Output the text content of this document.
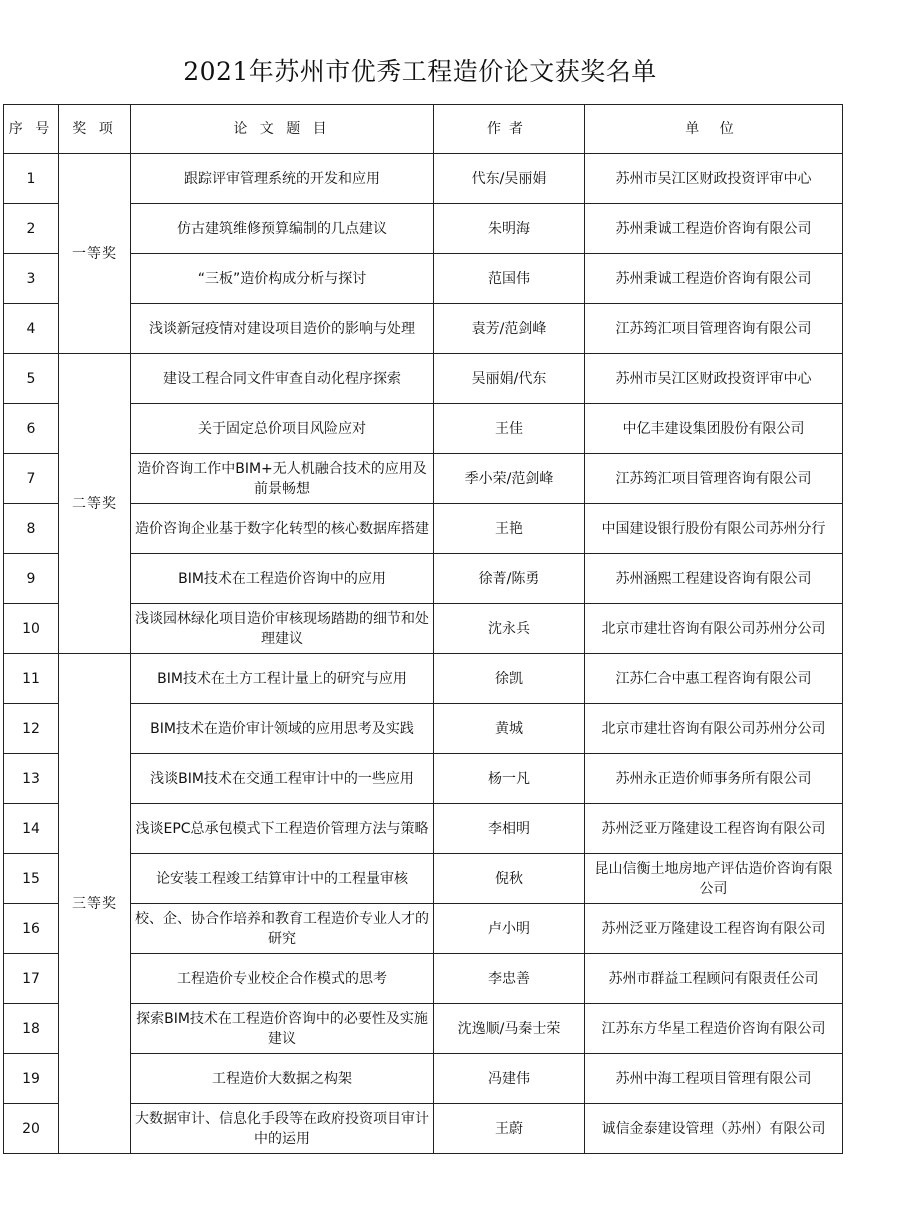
2021年苏州市优秀工程造价论文获奖名单
序 号	奖 项	论 文 题 目	作者	单 位
1	一等奖	跟踪评审管理系统的开发和应用	代东/吴丽娟	苏州市吴江区财政投资评审中心
2		仿古建筑维修预算编制的几点建议	朱明海	苏州秉诚工程造价咨询有限公司
3		“三板”造价构成分析与探讨	范国伟	苏州秉诚工程造价咨询有限公司
4		浅谈新冠疫情对建设项目造价的影响与处理	袁芳/范剑峰	江苏筠汇项目管理咨询有限公司
5	二等奖	建设工程合同文件审查自动化程序探索	吴丽娟/代东	苏州市吴江区财政投资评审中心
6		关于固定总价项目风险应对	王佳	中亿丰建设集团股份有限公司
7		造价咨询工作中BIM+无人机融合技术的应用及前景畅想	季小荣/范剑峰	江苏筠汇项目管理咨询有限公司
8		造价咨询企业基于数字化转型的核心数据库搭建	王艳	中国建设银行股份有限公司苏州分行
9		BIM技术在工程造价咨询中的应用	徐菁/陈勇	苏州涵熙工程建设咨询有限公司
10		浅谈园林绿化项目造价审核现场踏勘的细节和处理建议	沈永兵	北京市建壮咨询有限公司苏州分公司
11	三等奖	BIM技术在土方工程计量上的研究与应用	徐凯	江苏仁合中惠工程咨询有限公司
12		BIM技术在造价审计领域的应用思考及实践	黄城	北京市建壮咨询有限公司苏州分公司
13		浅谈BIM技术在交通工程审计中的一些应用	杨一凡	苏州永正造价师事务所有限公司
14		浅谈EPC总承包模式下工程造价管理方法与策略	李相明	苏州泛亚万隆建设工程咨询有限公司
15		论安装工程竣工结算审计中的工程量审核	倪秋	昆山信衡土地房地产评估造价咨询有限公司
16		校、企、协合作培养和教育工程造价专业人才的研究	卢小明	苏州泛亚万隆建设工程咨询有限公司
17		工程造价专业校企合作模式的思考	李忠善	苏州市群益工程顾问有限责任公司
18		探索BIM技术在工程造价咨询中的必要性及实施建议	沈逸顺/马秦士荣	江苏东方华星工程造价咨询有限公司
19		工程造价大数据之构架	冯建伟	苏州中海工程项目管理有限公司
20		大数据审计、信息化手段等在政府投资项目审计中的运用	王蔚	诚信金泰建设管理（苏州）有限公司
